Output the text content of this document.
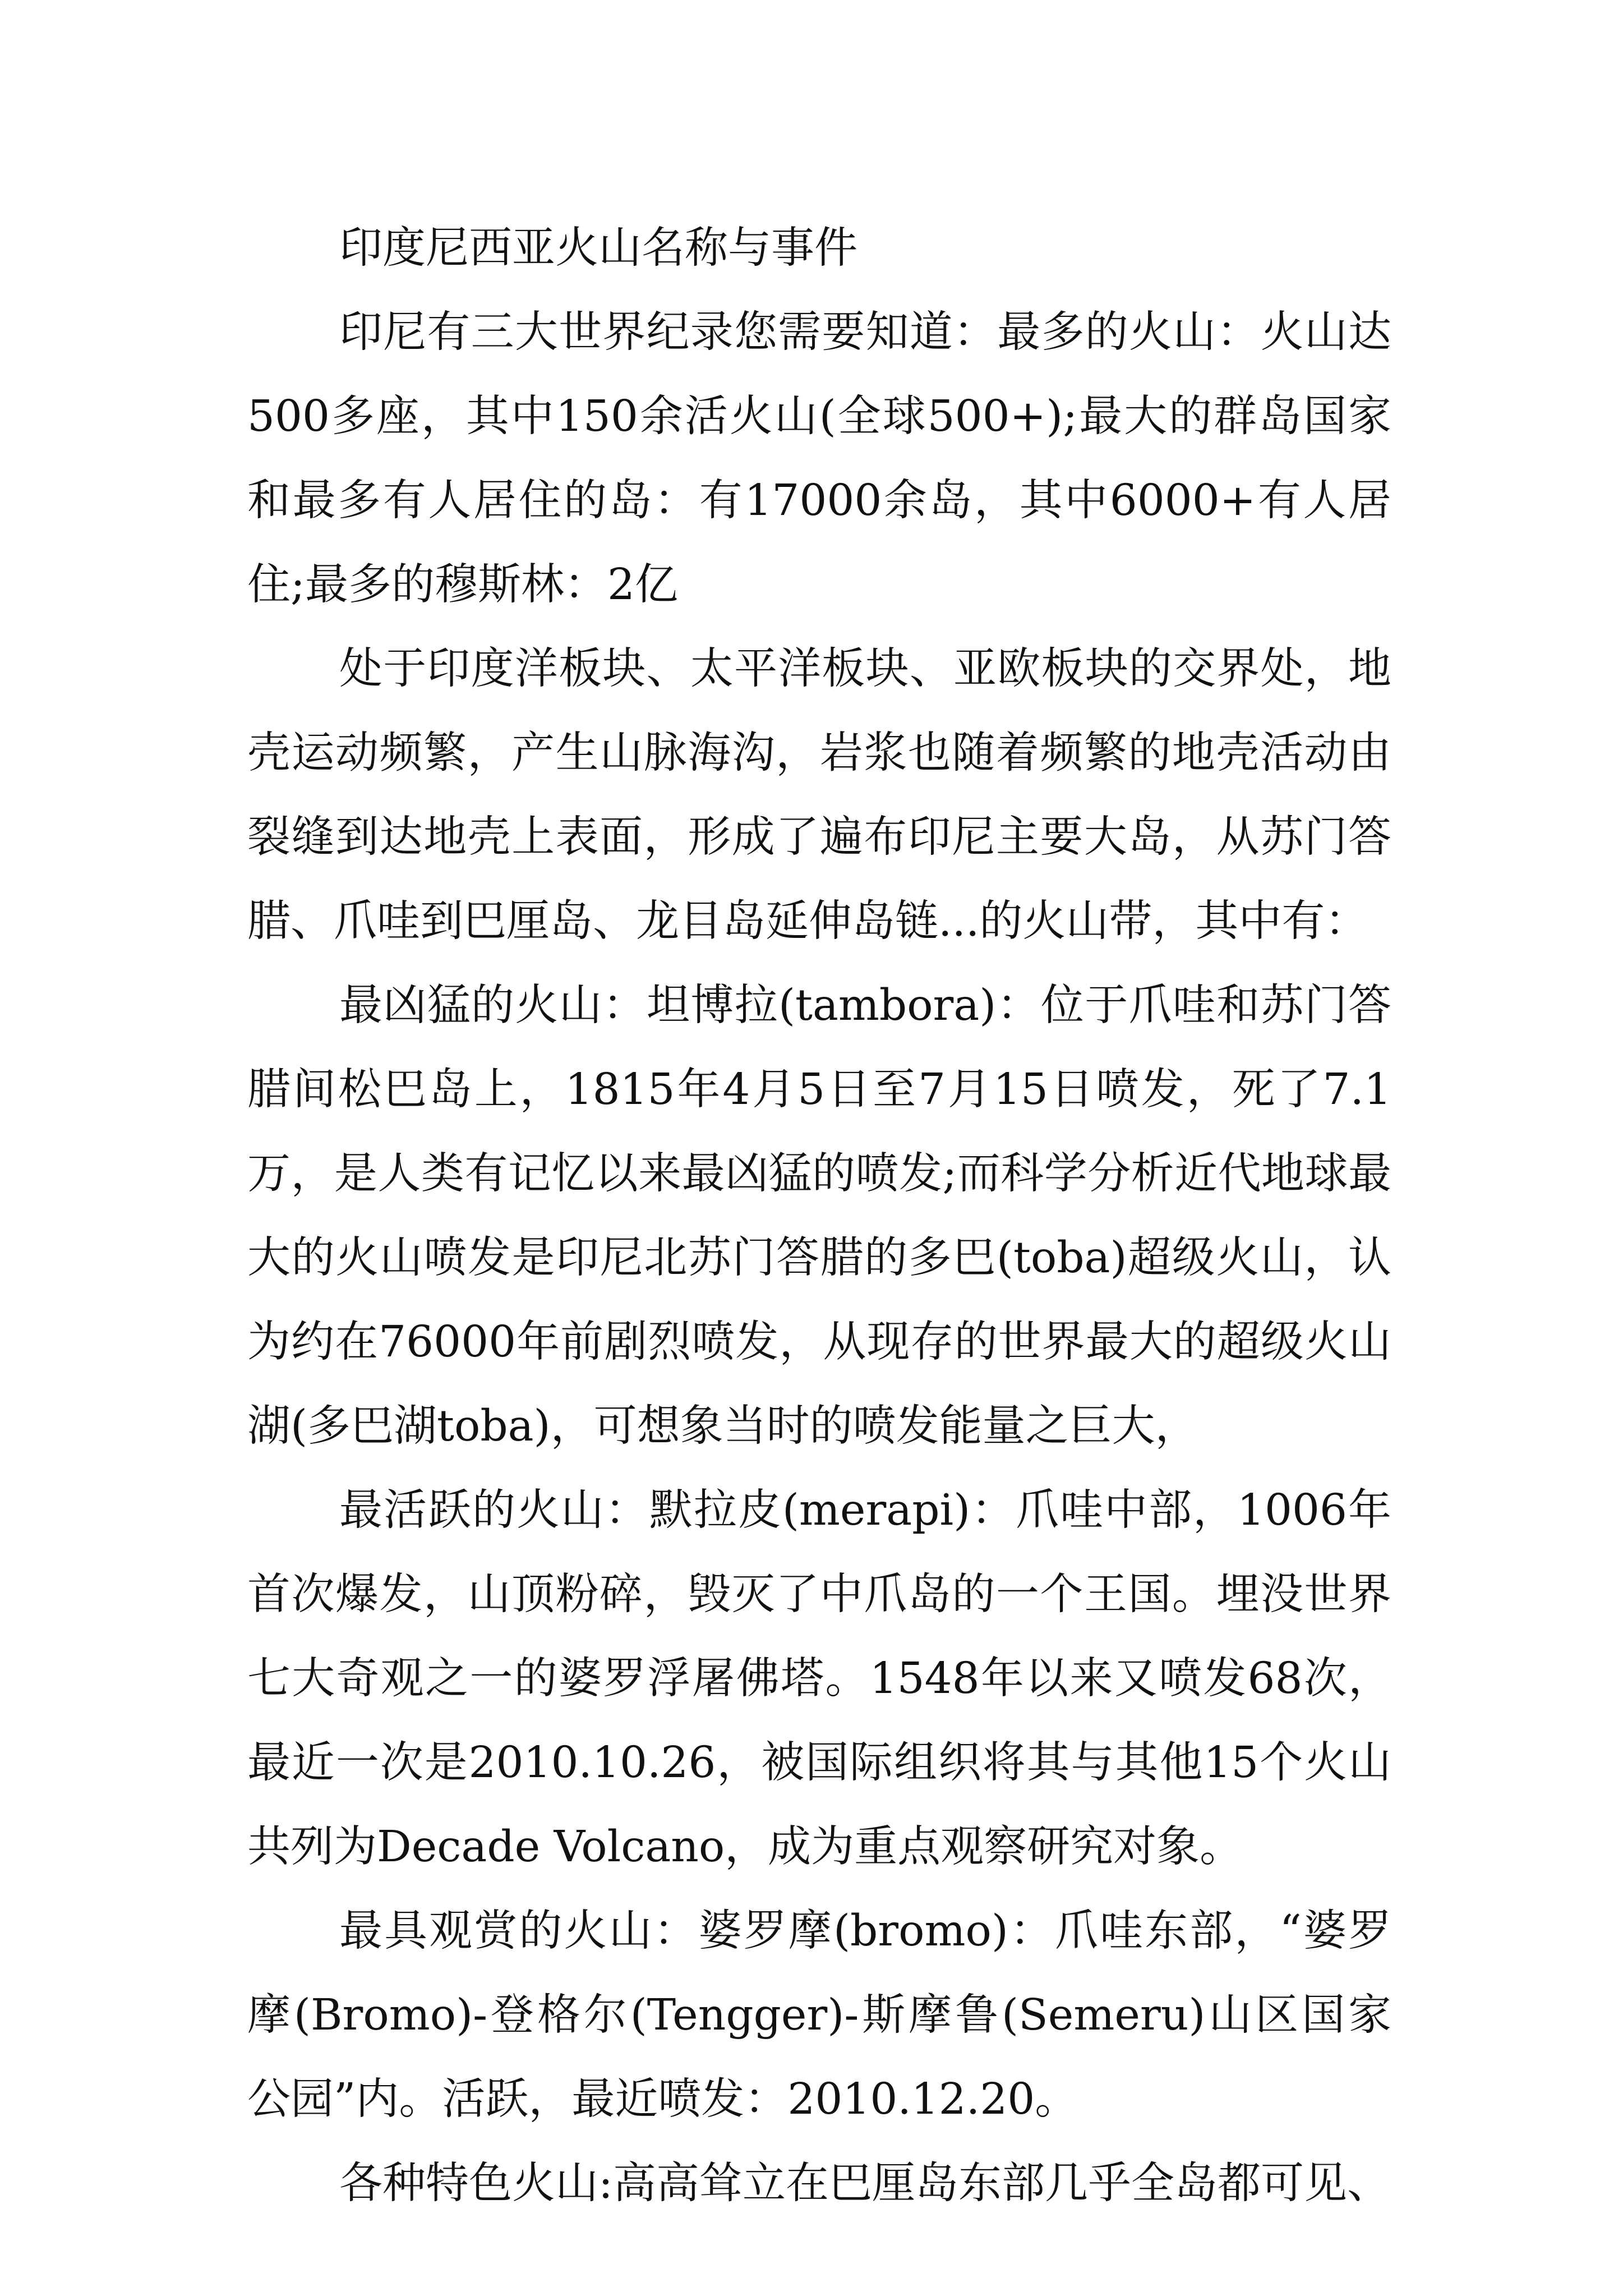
印度尼西亚火山名称与事件

印尼有三大世界纪录您需要知道：最多的火山：火山达500多座，其中150余活火山(全球500+);最大的群岛国家和最多有人居住的岛：有17000余岛，其中6000+有人居住;最多的穆斯林：2亿

处于印度洋板块、太平洋板块、亚欧板块的交界处，地壳运动频繁，产生山脉海沟，岩浆也随着频繁的地壳活动由裂缝到达地壳上表面，形成了遍布印尼主要大岛，从苏门答腊、爪哇到巴厘岛、龙目岛延伸岛链...的火山带，其中有：

最凶猛的火山：坦博拉(tambora)：位于爪哇和苏门答腊间松巴岛上，1815年4月5日至7月15日喷发，死了7.1万，是人类有记忆以来最凶猛的喷发;而科学分析近代地球最大的火山喷发是印尼北苏门答腊的多巴(toba)超级火山，认为约在76000年前剧烈喷发，从现存的世界最大的超级火山湖(多巴湖toba)，可想象当时的喷发能量之巨大，

最活跃的火山：默拉皮(merapi)：爪哇中部，1006年首次爆发，山顶粉碎，毁灭了中爪岛的一个王国。埋没世界七大奇观之一的婆罗浮屠佛塔。1548年以来又喷发68次，最近一次是2010.10.26，被国际组织将其与其他15个火山共列为Decade Volcano，成为重点观察研究对象。

最具观赏的火山：婆罗摩(bromo)：爪哇东部，“婆罗摩(Bromo)-登格尔(Tengger)-斯摩鲁(Semeru)山区国家公园”内。活跃，最近喷发：2010.12.20。

各种特色火山:高高耸立在巴厘岛东部几乎全岛都可见、
